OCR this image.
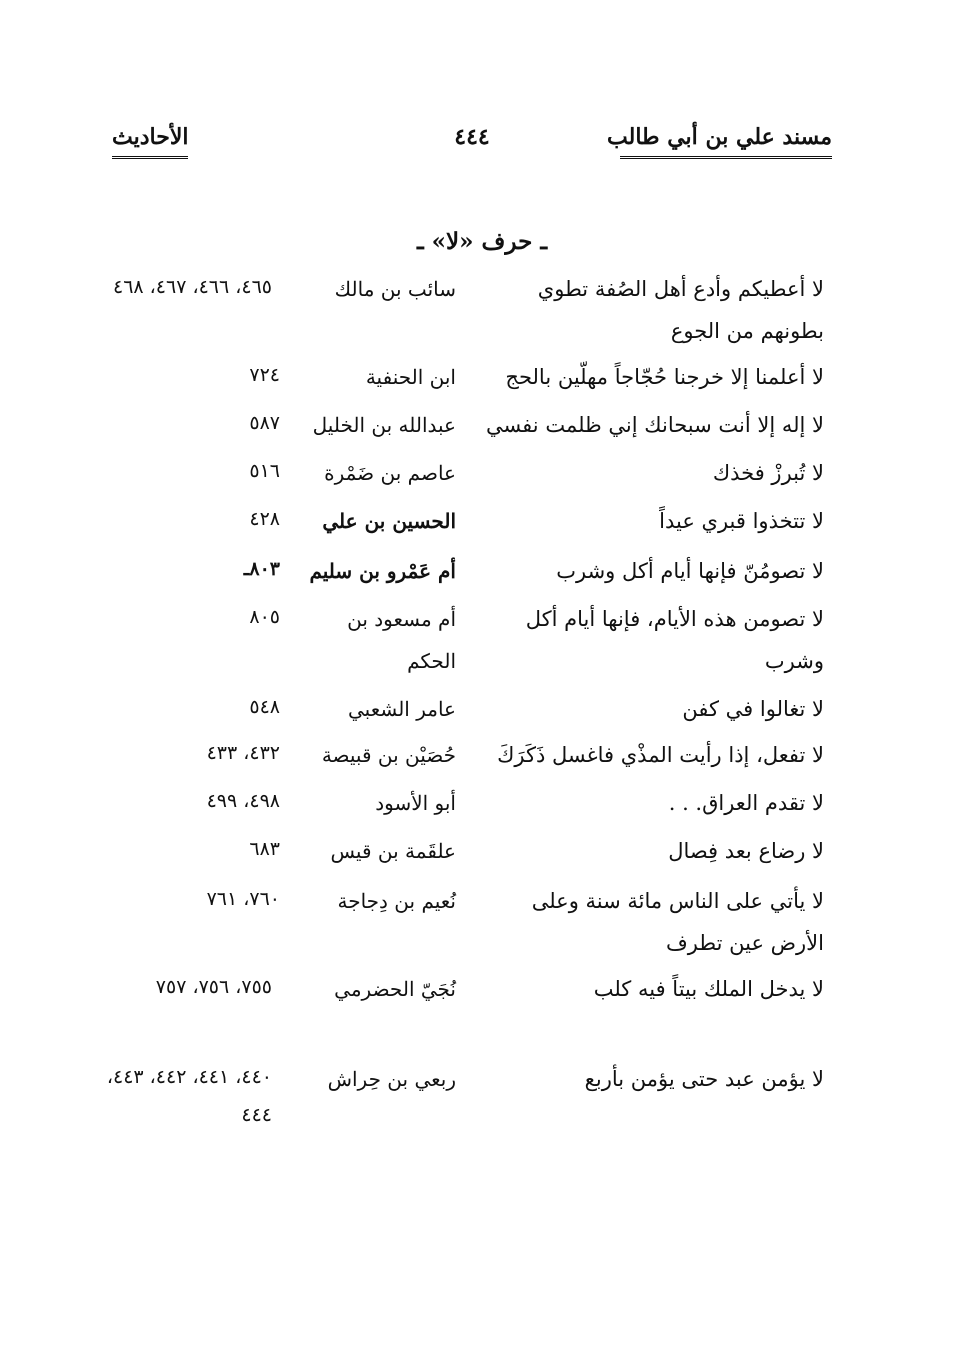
مسند علي بن أبي طالب
٤٤٤
الأحاديث
ـ حرف «لا» ـ
لا أعطيكم وأدع أهل الصُفة تطوي بطونهم من الجوع
سائب بن مالك
٤٦٥، ٤٦٦، ٤٦٧، ٤٦٨
لا أعلمنا إلا خرجنا حُجّاجاً مهلّين بالحج
ابن الحنفية
٧٢٤
لا إله إلا أنت سبحانك إني ظلمت نفسي
عبدالله بن الخليل
٥٨٧
لا تُبرزْ فخذك
عاصم بن ضَمْرة
٥١٦
لا تتخذوا قبري عيداً
الحسين بن علي
٤٢٨
لا تصومُنّ فإنها أيام أكل وشرب
أم عَمْرو بن سليم
٨٠٣ـ
لا تصومن هذه الأيام، فإنها أيام أكل وشرب
أم مسعود بن الحكم
٨٠٥
لا تغالوا في كفن
عامر الشعبي
٥٤٨
لا تفعل، إذا رأيت المذْي فاغسل ذَكَرَكَ
حُصَيْن بن قبيصة
٤٣٢، ٤٣٣
لا تقدم العراق. . .
أبو الأسود
٤٩٨، ٤٩٩
لا رضاع بعد فِصال
علقَمة بن قيس
٦٨٣
لا يأتي على الناس مائة سنة وعلى الأرض عين تطرف
نُعيم بن دِجاجة
٧٦٠، ٧٦١
لا يدخل الملك بيتاً فيه كلب
نُجَيّ الحضرمي
٧٥٥، ٧٥٦، ٧٥٧
لا يؤمن عبد حتى يؤمن بأربع
ربعي بن حِراش
٤٤٠، ٤٤١، ٤٤٢، ٤٤٣، ٤٤٤
